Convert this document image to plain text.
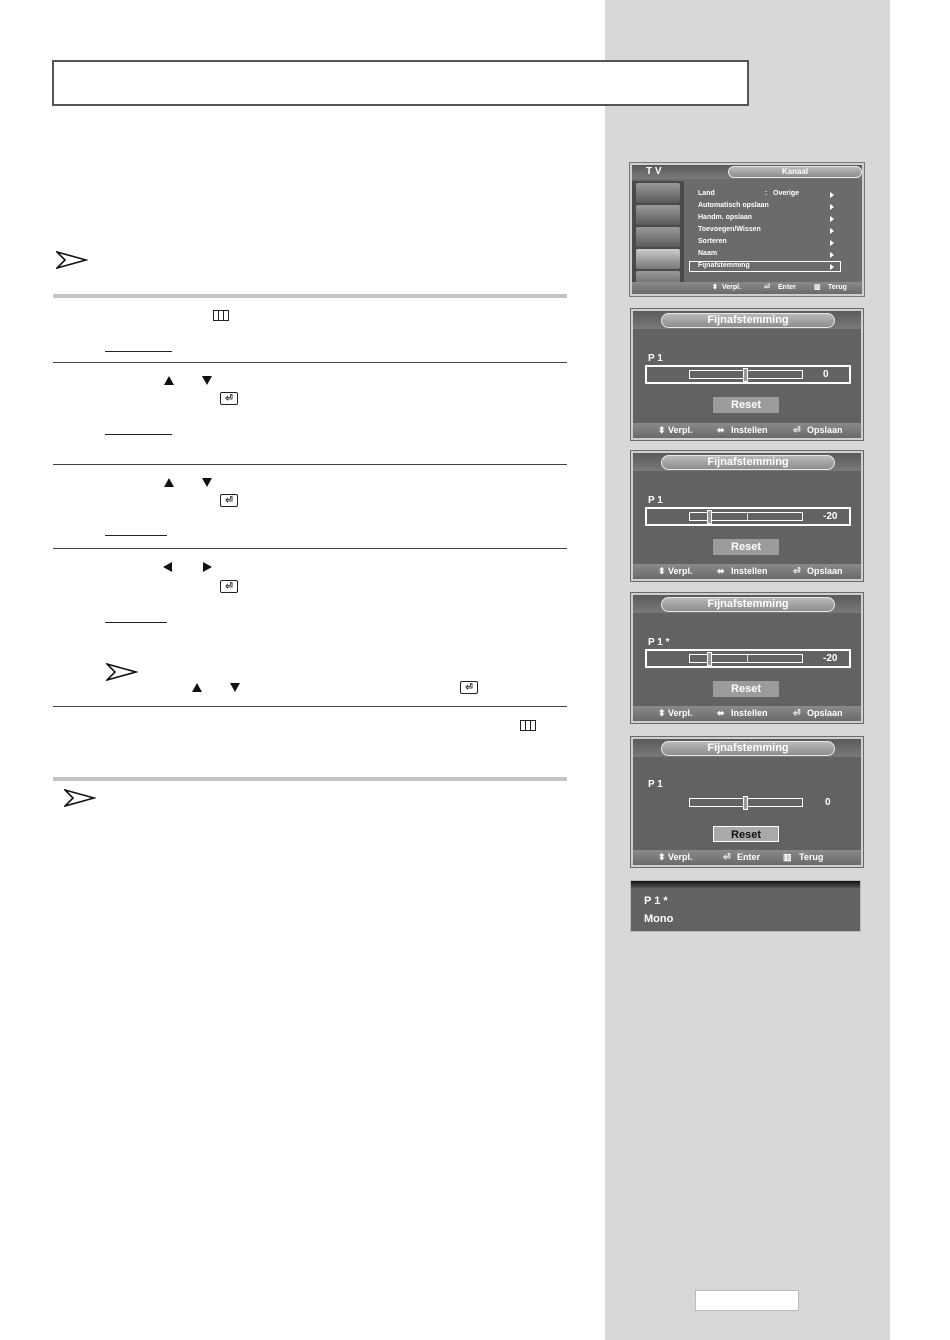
⏎
⏎
⏎
⏎
T V	Kanaal
Land	: Overige
Automatisch opslaan
Handm. opslaan
Toevoegen/Wissen
Sorteren
Naam
Fijnafstemming
⬍ Verpl.	⏎ Enter	▥ Terug
Fijnafstemming
P 1
0
Reset
⬍ Verpl.	⬌ Instellen	⏎ Opslaan
Fijnafstemming
P 1
-20
Reset
⬍ Verpl.	⬌ Instellen	⏎ Opslaan
Fijnafstemming
P 1 *
-20
Reset
⬍ Verpl.	⬌ Instellen	⏎ Opslaan
Fijnafstemming
P 1
0
Reset
⬍ Verpl.	⏎ Enter	▥ Terug
P 1 *
Mono
